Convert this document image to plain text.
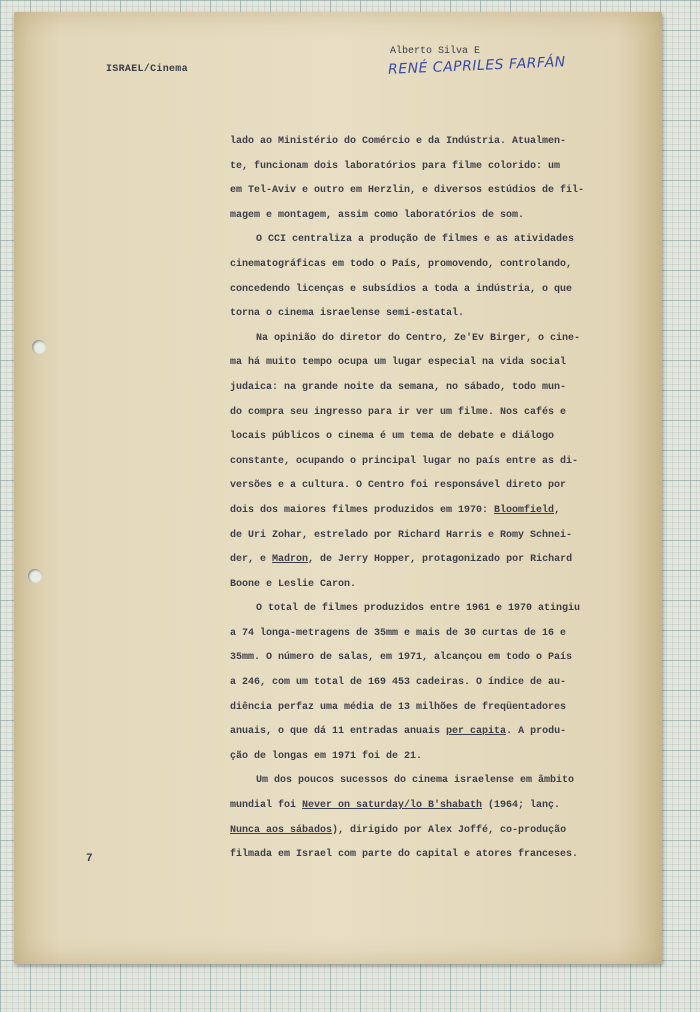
ISRAEL/Cinema
Alberto Silva E
RENÉ CAPRILES FARFÁN

lado ao Ministério do Comércio e da Indústria. Atualmen-
te, funcionam dois laboratórios para filme colorido: um
em Tel-Aviv e outro em Herzlin, e diversos estúdios de fil-
magem e montagem, assim como laboratórios de som.

O CCI centraliza a produção de filmes e as atividades
cinematográficas em todo o País, promovendo, controlando,
concedendo licenças e subsídios a toda a indústria, o que
torna o cinema israelense semi-estatal.

Na opinião do diretor do Centro, Ze'Ev Birger, o cine-
ma há muito tempo ocupa um lugar especial na vida social
judaica: na grande noite da semana, no sábado, todo mun-
do compra seu ingresso para ir ver um filme. Nos cafés e
locais públicos o cinema é um tema de debate e diálogo
constante, ocupando o principal lugar no país entre as di-
versões e a cultura. O Centro foi responsável direto por
dois dos maiores filmes produzidos em 1970: Bloomfield,
de Uri Zohar, estrelado por Richard Harris e Romy Schnei-
der, e Madron, de Jerry Hopper, protagonizado por Richard
Boone e Leslie Caron.

O total de filmes produzidos entre 1961 e 1970 atingiu
a 74 longa-metragens de 35mm e mais de 30 curtas de 16 e
35mm. O número de salas, em 1971, alcançou em todo o País
a 246, com um total de 169 453 cadeiras. O índice de au-
diência perfaz uma média de 13 milhões de freqüentadores
anuais, o que dá 11 entradas anuais per capita. A produ-
ção de longas em 1971 foi de 21.

Um dos poucos sucessos do cinema israelense em âmbito
mundial foi Never on saturday/lo B'shabath (1964; lanç.
Nunca aos sábados), dirigido por Alex Joffé, co-produção
filmada em Israel com parte do capital e atores franceses.

7
